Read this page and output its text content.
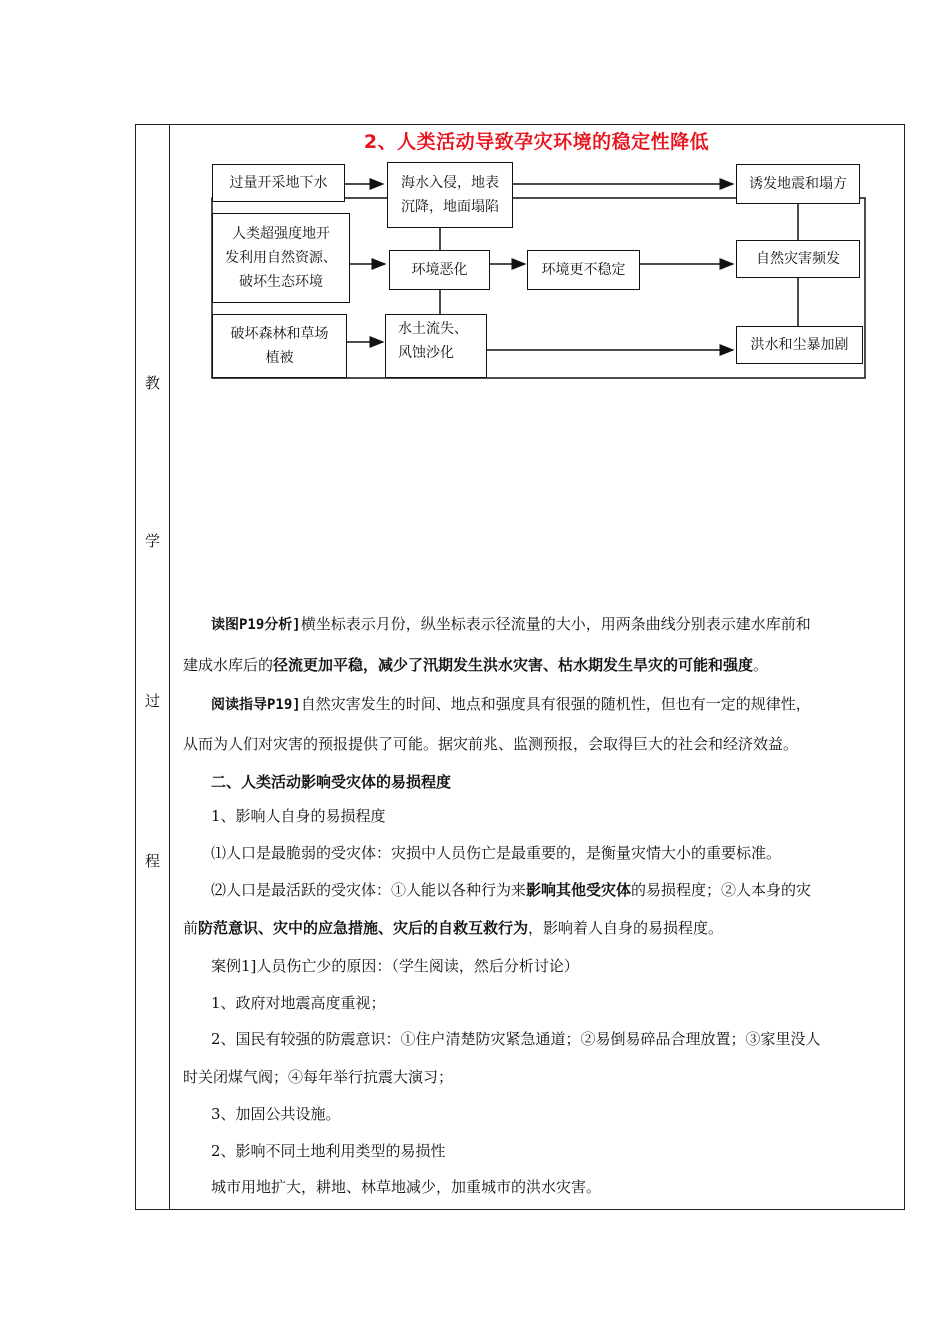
教
学
过
程
2、人类活动导致孕灾环境的稳定性降低
过量开采地下水
人类超强度地开
发利用自然资源、
破坏生态环境
破坏森林和草场
植被
海水入侵，地表
沉降，地面塌陷
环境恶化	环境更不稳定
水土流失、
风蚀沙化
诱发地震和塌方
自然灾害频发
洪水和尘暴加剧
读图P19分析]横坐标表示月份，纵坐标表示径流量的大小，用两条曲线分别表示建水库前和
建成水库后的径流更加平稳，减少了汛期发生洪水灾害、枯水期发生旱灾的可能和强度。
阅读指导P19]自然灾害发生的时间、地点和强度具有很强的随机性，但也有一定的规律性，
从而为人们对灾害的预报提供了可能。据灾前兆、监测预报，会取得巨大的社会和经济效益。
二、人类活动影响受灾体的易损程度
1、影响人自身的易损程度
⑴人口是最脆弱的受灾体：灾损中人员伤亡是最重要的，是衡量灾情大小的重要标准。
⑵人口是最活跃的受灾体：①人能以各种行为来影响其他受灾体的易损程度；②人本身的灾
前防范意识、灾中的应急措施、灾后的自救互救行为，影响着人自身的易损程度。
案例1]人员伤亡少的原因：（学生阅读，然后分析讨论）
1、政府对地震高度重视；
2、国民有较强的防震意识：①住户清楚防灾紧急通道；②易倒易碎品合理放置；③家里没人
时关闭煤气阀；④每年举行抗震大演习；
3、加固公共设施。
2、影响不同土地利用类型的易损性
城市用地扩大，耕地、林草地减少，加重城市的洪水灾害。
